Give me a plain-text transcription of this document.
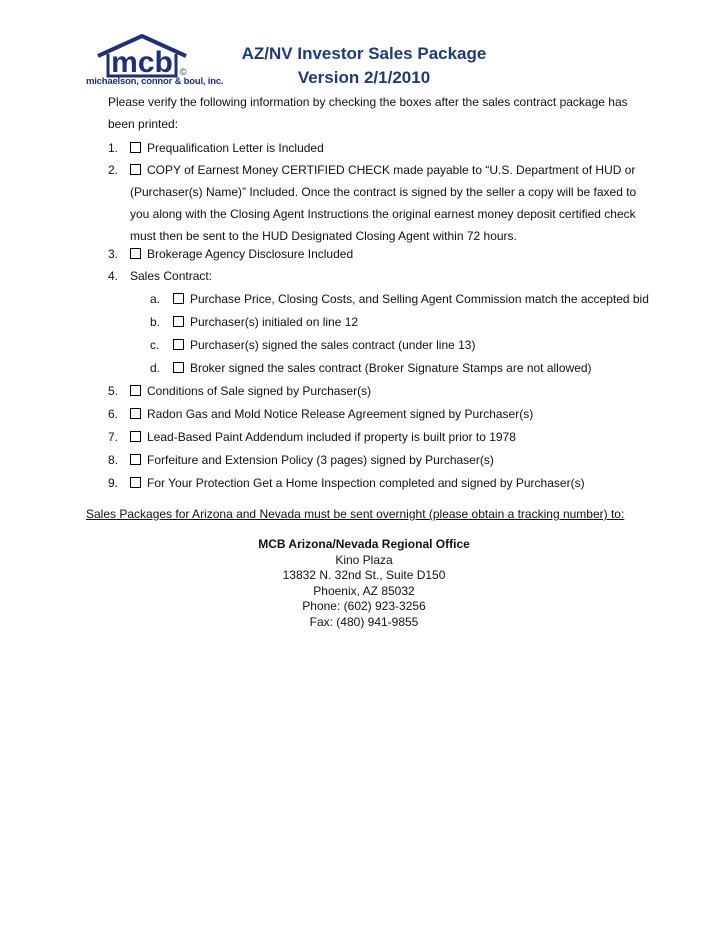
mcb ©
michaelson, connor & boul, inc.
AZ/NV Investor Sales Package
Version 2/1/2010
Please verify the following information by checking the boxes after the sales contract package has been printed:
1.	Prequalification Letter is Included
2.	COPY of Earnest Money CERTIFIED CHECK made payable to “U.S. Department of HUD or
(Purchaser(s) Name)” Included. Once the contract is signed by the seller a copy will be faxed to
you along with the Closing Agent Instructions the original earnest money deposit certified check
must then be sent to the HUD Designated Closing Agent within 72 hours.
3.	Brokerage Agency Disclosure Included
4. Sales Contract:
a.	Purchase Price, Closing Costs, and Selling Agent Commission match the accepted bid
b.	Purchaser(s) initialed on line 12
c.	Purchaser(s) signed the sales contract (under line 13)
d.	Broker signed the sales contract (Broker Signature Stamps are not allowed)
5.	Conditions of Sale signed by Purchaser(s)
6.	Radon Gas and Mold Notice Release Agreement signed by Purchaser(s)
7.	Lead-Based Paint Addendum included if property is built prior to 1978
8.	Forfeiture and Extension Policy (3 pages) signed by Purchaser(s)
9.	For Your Protection Get a Home Inspection completed and signed by Purchaser(s)
Sales Packages for Arizona and Nevada must be sent overnight (please obtain a tracking number) to:
MCB Arizona/Nevada Regional Office
Kino Plaza
13832 N. 32nd St., Suite D150
Phoenix, AZ 85032
Phone: (602) 923-3256
Fax: (480) 941-9855
